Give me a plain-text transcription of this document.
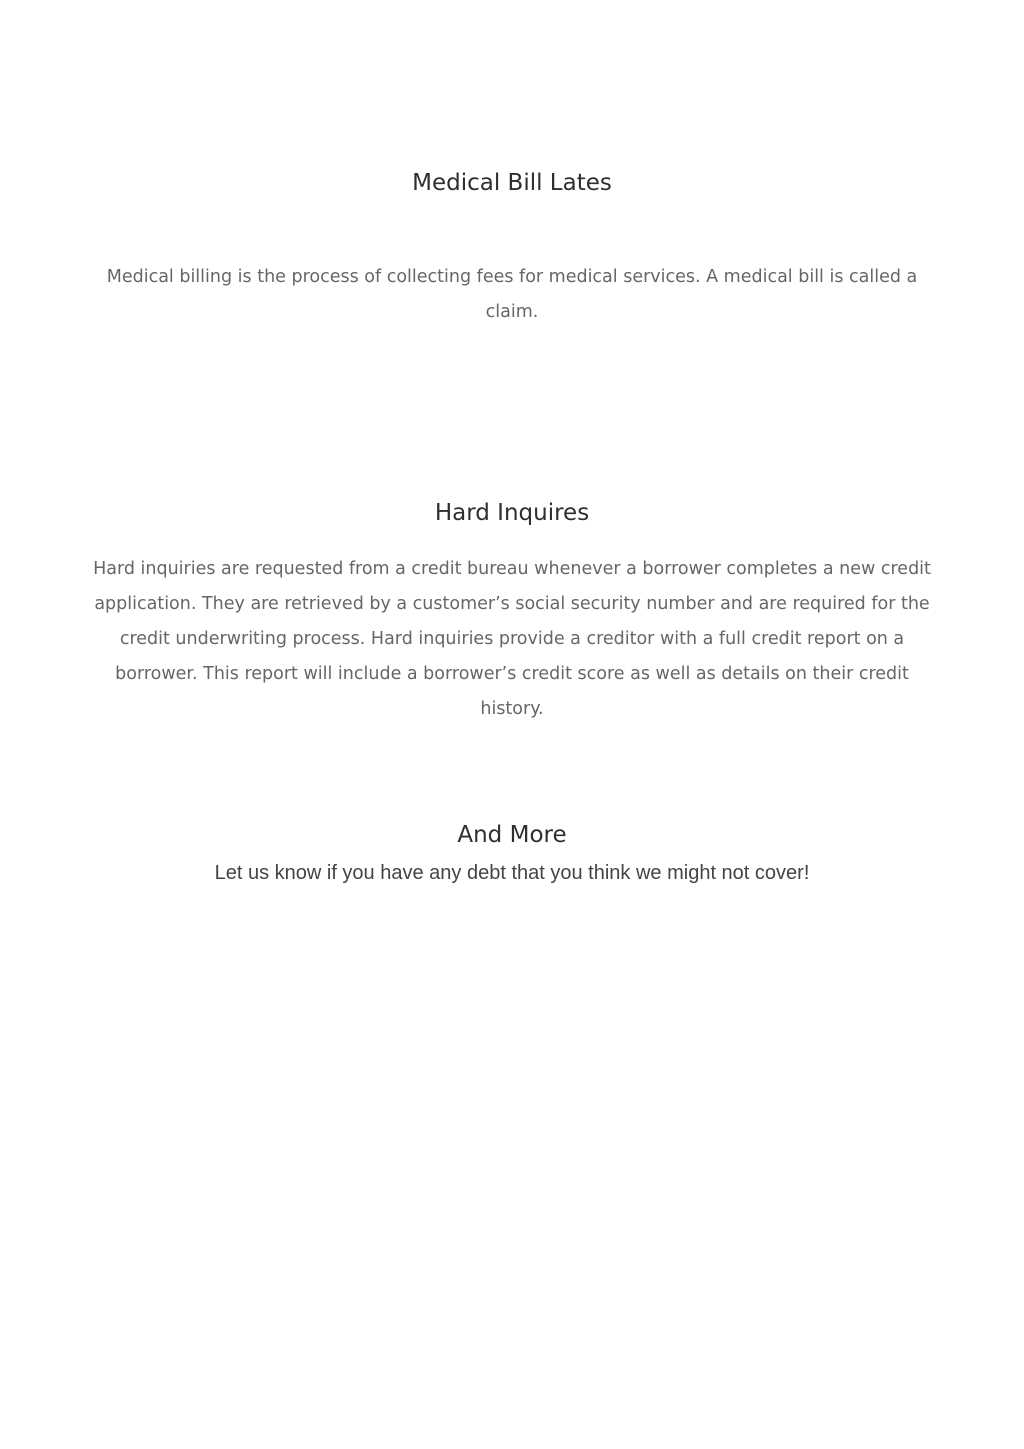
Medical Bill Lates

Medical billing is the process of collecting fees for medical services. A medical bill is called a claim.

Hard Inquires

Hard inquiries are requested from a credit bureau whenever a borrower completes a new credit application. They are retrieved by a customer’s social security number and are required for the credit underwriting process. Hard inquiries provide a creditor with a full credit report on a borrower. This report will include a borrower’s credit score as well as details on their credit history.

And More

Let us know if you have any debt that you think we might not cover!
